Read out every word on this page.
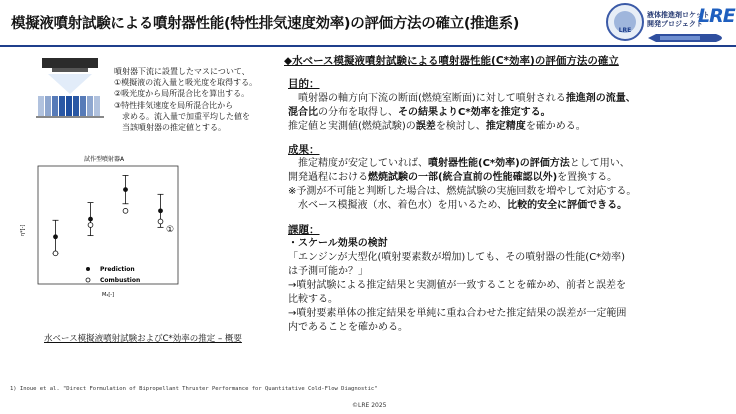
模擬液噴射試験による噴射器性能(特性排気速度効率)の評価方法の確立(推進系)	LRE
液体推進剤ロケット
開発プロジェクト
LRE
噴射器下流に設置したマスについて、
①模擬液の流入量と吸光度を取得する。
②吸光度から局所混合比を算出する。
③特性排気速度を局所混合比から
　求める。流入量で加重平均した値を
　当該噴射器の推定値とする。
試作型噴射器A
η*[-]
M₂[-]
①
Prediction
Combustion
水ベース模擬液噴射試験およびC*効率の推定 – 概要
◆水ベース模擬液噴射試験による噴射器性能(C*効率)の評価方法の確立
目的：
　噴射器の軸方向下流の断面(燃焼室断面)に対して噴射される推進剤の流量、
混合比の分布を取得し、その結果よりC*効率を推定する。
推定値と実測値(燃焼試験)の誤差を検討し、推定精度を確かめる。
成果：
　推定精度が安定していれば、噴射器性能(C*効率)の評価方法として用い、
開発過程における燃焼試験の一部(統合直前の性能確認以外)を置換する。
※予測が不可能と判断した場合は、燃焼試験の実施回数を増やして対応する。
　水ベース模擬液（水、着色水）を用いるため、比較的安全に評価できる。
課題：
・スケール効果の検討
「エンジンが大型化(噴射要素数が増加)しても、その噴射器の性能(C*効率)
は予測可能か？」
→噴射試験による推定結果と実測値が一致することを確かめ、前者と誤差を
比較する。
→噴射要素単体の推定結果を単純に重ね合わせた推定結果の誤差が一定範囲
内であることを確かめる。
1) Inoue et al. "Direct Formulation of Bipropellant Thruster Performance for Quantitative Cold-Flow Diagnostic"
©LRE 2025
